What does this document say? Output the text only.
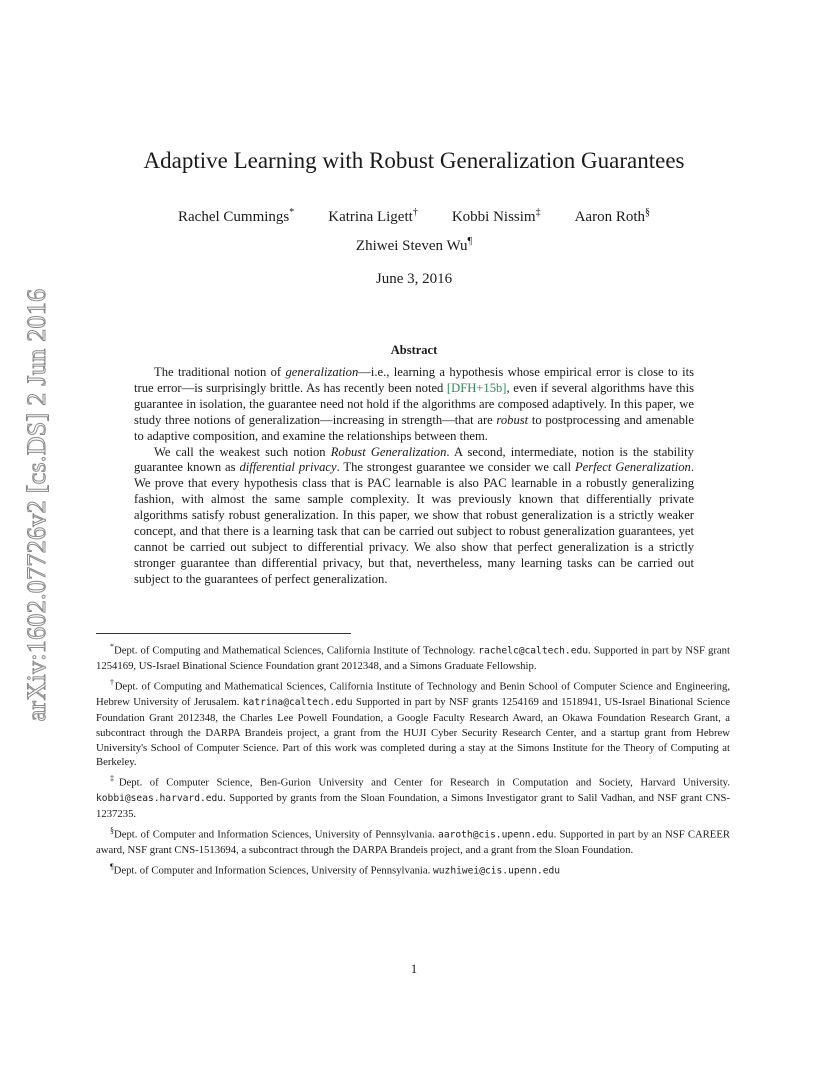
arXiv:1602.07726v2 [cs.DS] 2 Jun 2016
Adaptive Learning with Robust Generalization Guarantees
Rachel Cummings* Katrina Ligett† Kobbi Nissim‡ Aaron Roth§
Zhiwei Steven Wu¶
June 3, 2016
Abstract

The traditional notion of generalization—i.e., learning a hypothesis whose empirical error is close to its true error—is surprisingly brittle. As has recently been noted [DFH+15b], even if several algorithms have this guarantee in isolation, the guarantee need not hold if the algorithms are composed adaptively. In this paper, we study three notions of generalization—increasing in strength—that are robust to postprocessing and amenable to adaptive composition, and examine the relationships between them.

We call the weakest such notion Robust Generalization. A second, intermediate, notion is the stability guarantee known as differential privacy. The strongest guarantee we consider we call Perfect Generalization. We prove that every hypothesis class that is PAC learnable is also PAC learnable in a robustly generalizing fashion, with almost the same sample complexity. It was previously known that differentially private algorithms satisfy robust generalization. In this paper, we show that robust generalization is a strictly weaker concept, and that there is a learning task that can be carried out subject to robust generalization guarantees, yet cannot be carried out subject to differential privacy. We also show that perfect generalization is a strictly stronger guarantee than differential privacy, but that, nevertheless, many learning tasks can be carried out subject to the guarantees of perfect generalization.

*Dept. of Computing and Mathematical Sciences, California Institute of Technology. rachelc@caltech.edu. Supported in part by NSF grant 1254169, US-Israel Binational Science Foundation grant 2012348, and a Simons Graduate Fellowship.

†Dept. of Computing and Mathematical Sciences, California Institute of Technology and Benin School of Computer Science and Engineering, Hebrew University of Jerusalem. katrina@caltech.edu Supported in part by NSF grants 1254169 and 1518941, US-Israel Binational Science Foundation Grant 2012348, the Charles Lee Powell Foundation, a Google Faculty Research Award, an Okawa Foundation Research Grant, a subcontract through the DARPA Brandeis project, a grant from the HUJI Cyber Security Research Center, and a startup grant from Hebrew University's School of Computer Science. Part of this work was completed during a stay at the Simons Institute for the Theory of Computing at Berkeley.

‡Dept. of Computer Science, Ben-Gurion University and Center for Research in Computation and Society, Harvard University. kobbi@seas.harvard.edu. Supported by grants from the Sloan Foundation, a Simons Investigator grant to Salil Vadhan, and NSF grant CNS-1237235.

§Dept. of Computer and Information Sciences, University of Pennsylvania. aaroth@cis.upenn.edu. Supported in part by an NSF CAREER award, NSF grant CNS-1513694, a subcontract through the DARPA Brandeis project, and a grant from the Sloan Foundation.

¶Dept. of Computer and Information Sciences, University of Pennsylvania. wuzhiwei@cis.upenn.edu

1
